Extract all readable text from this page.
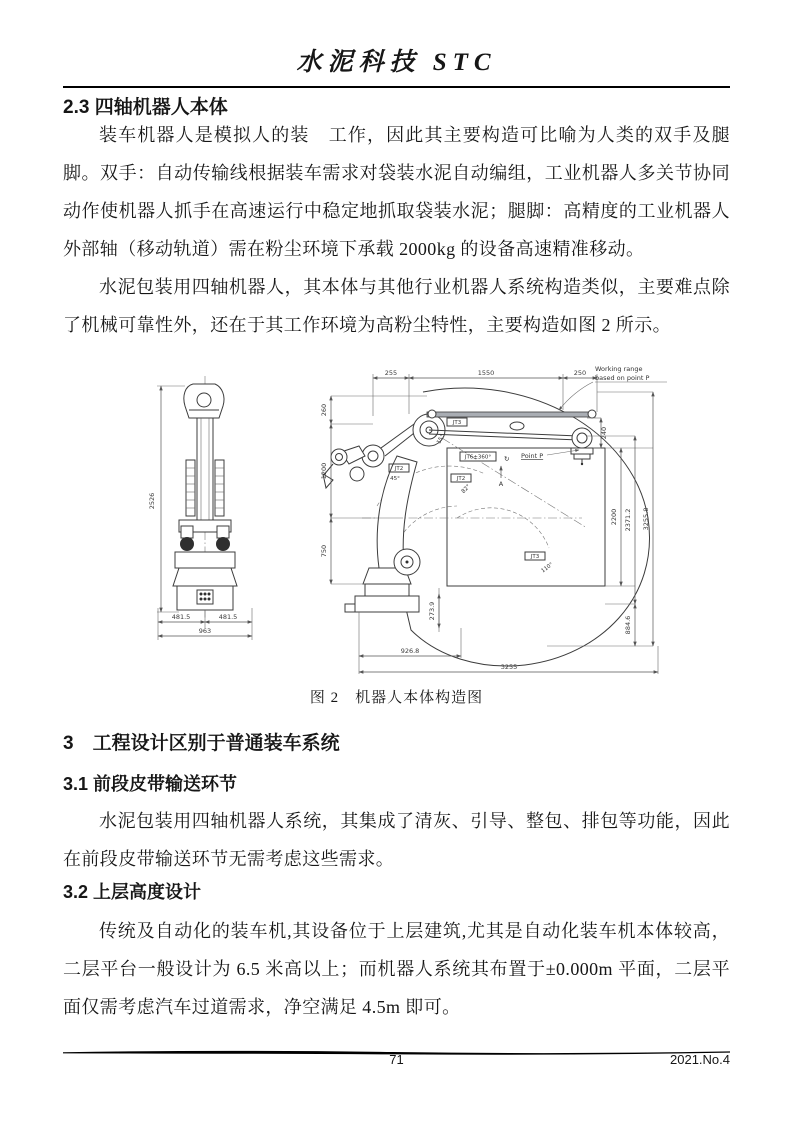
水泥科技 STC
2.3 四轴机器人本体
装车机器人是模拟人的装　工作，因此其主要构造可比喻为人类的双手及腿脚。双手：自动传输线根据装车需求对袋装水泥自动编组，工业机器人多关节协同动作使机器人抓手在高速运行中稳定地抓取袋装水泥；腿脚：高精度的工业机器人外部轴（移动轨道）需在粉尘环境下承载 2000kg 的设备高速精准移动。
水泥包装用四轴机器人，其本体与其他行业机器人系统构造类似，主要难点除了机械可靠性外，还在于其工作环境为高粉尘特性，主要构造如图 2 所示。
2526
481.5	481.5
963
255	1550	250
260
1200
750
240
2200 2371.2 3255.8
884.6
273.9
926.8
3255
Working range
based on point P
JT6±360° ↻ Point P
A
JT3
15°
JT2
45°	JT2
82°
JT3
110°
图 2　机器人本体构造图
3　工程设计区别于普通装车系统
3.1 前段皮带输送环节
水泥包装用四轴机器人系统，其集成了清灰、引导、整包、排包等功能，因此在前段皮带输送环节无需考虑这些需求。
3.2 上层高度设计
传统及自动化的装车机,其设备位于上层建筑,尤其是自动化装车机本体较高，二层平台一般设计为 6.5 米高以上；而机器人系统其布置于±0.000m 平面，二层平面仅需考虑汽车过道需求，净空满足 4.5m 即可。
71	2021.No.4
